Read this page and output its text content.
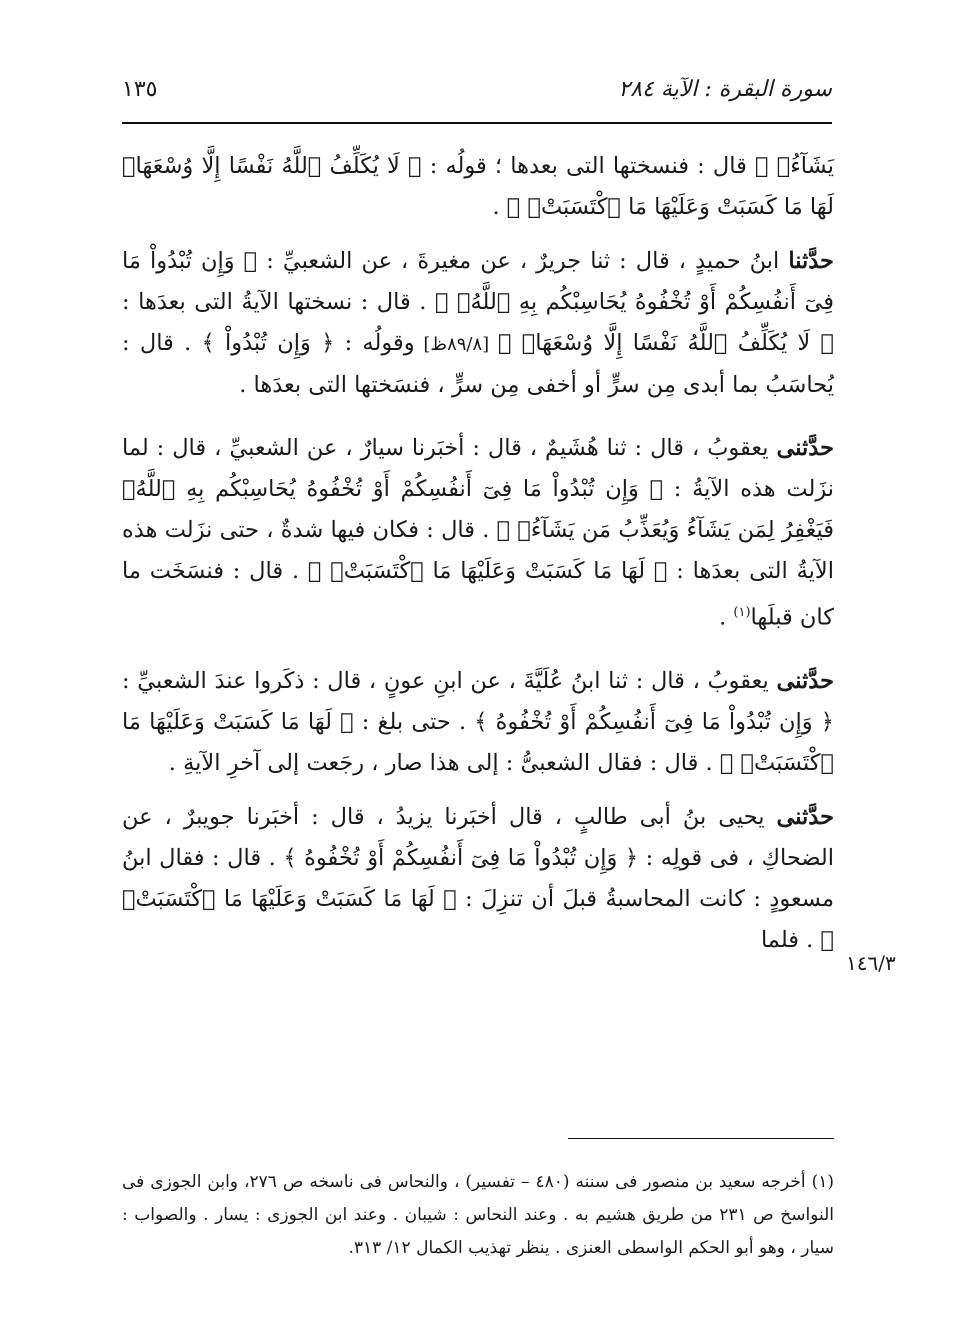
سورة البقرة : الآية ٢٨٤
١٣٥

يَشَآءُۗ ﴾ قال : فنسختها التى بعدها ؛ قولُه : ﴿ لَا يُكَلِّفُ ٱللَّهُ نَفْسًا إِلَّا وُسْعَهَاۚ لَهَا مَا كَسَبَتْ وَعَلَيْهَا مَا ٱكْتَسَبَتْۗ ﴾ .

حدَّثنا ابنُ حميدٍ ، قال : ثنا جريرٌ ، عن مغيرةَ ، عن الشعبيِّ : ﴿ وَإِن تُبْدُواْ مَا فِىٓ أَنفُسِكُمْ أَوْ تُخْفُوهُ يُحَاسِبْكُم بِهِ ٱللَّهُۖ ﴾ . قال : نسختها الآيةُ التى بعدَها : ﴿ لَا يُكَلِّفُ ٱللَّهُ نَفْسًا إِلَّا وُسْعَهَاۚ ﴾ [٨٩/٨ظ] وقولُه : ﴿ وَإِن تُبْدُواْ ﴾ . قال : يُحاسَبُ بما أبدى مِن سرٍّ أو أخفى مِن سرٍّ ، فنسَختها التى بعدَها .

حدَّثنى يعقوبُ ، قال : ثنا هُشَيمٌ ، قال : أخبَرنا سيارٌ ، عن الشعبيِّ ، قال : لما نزَلت هذه الآيةُ : ﴿ وَإِن تُبْدُواْ مَا فِىٓ أَنفُسِكُمْ أَوْ تُخْفُوهُ يُحَاسِبْكُم بِهِ ٱللَّهُۖ فَيَغْفِرُ لِمَن يَشَآءُ وَيُعَذِّبُ مَن يَشَآءُۗ ﴾ . قال : فكان فيها شدةٌ ، حتى نزَلت هذه الآيةُ التى بعدَها : ﴿ لَهَا مَا كَسَبَتْ وَعَلَيْهَا مَا ٱكْتَسَبَتْۗ ﴾ . قال : فنسَخَت ما كان قبلَها$^{(١)}$ .

حدَّثنى يعقوبُ ، قال : ثنا ابنُ عُلَيَّةَ ، عن ابنِ عونٍ ، قال : ذكَروا عندَ الشعبيِّ : ﴿ وَإِن تُبْدُواْ مَا فِىٓ أَنفُسِكُمْ أَوْ تُخْفُوهُ ﴾ . حتى بلغ : ﴿ لَهَا مَا كَسَبَتْ وَعَلَيْهَا مَا ٱكْتَسَبَتْۗ ﴾ . قال : فقال الشعبىُّ : إلى هذا صار ، رجَعت إلى آخرِ الآيةِ .

حدَّثنى يحيى بنُ أبى طالبٍ ، قال أخبَرنا يزيدُ ، قال : أخبَرنا جويبرٌ ، عن الضحاكِ ، فى قولِه : ﴿ وَإِن تُبْدُواْ مَا فِىٓ أَنفُسِكُمْ أَوْ تُخْفُوهُ ﴾ . قال : فقال ابنُ مسعودٍ : كانت المحاسبةُ قبلَ أن تنزِلَ : ﴿ لَهَا مَا كَسَبَتْ وَعَلَيْهَا مَا ٱكْتَسَبَتْۗ ﴾ . فلما

١٤٦/٣
(١) أخرجه سعيد بن منصور فى سننه (٤٨٠ – تفسير) ، والنحاس فى ناسخه ص ٢٧٦، وابن الجوزى فى النواسخ ص ٢٣١ من طريق هشيم به . وعند النحاس : شيبان . وعند ابن الجوزى : يسار . والصواب : سيار ، وهو أبو الحكم الواسطى العنزى . ينظر تهذيب الكمال ١٢/ ٣١٣.
